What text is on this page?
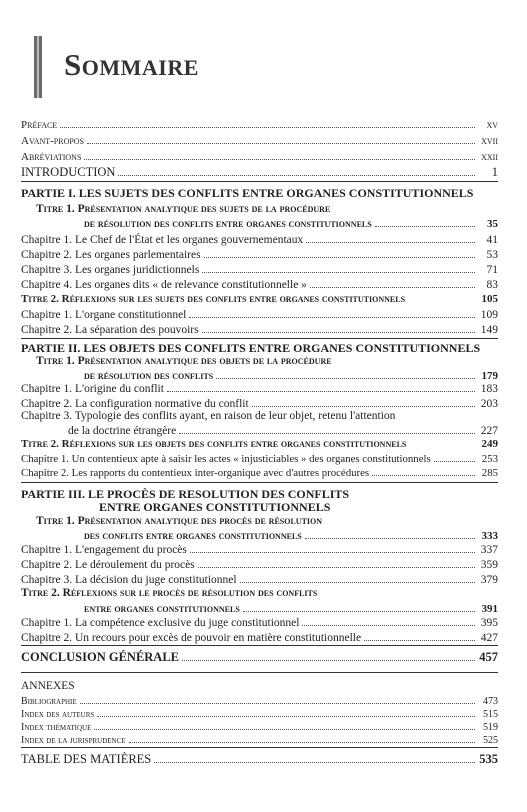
Sommaire
Préface	xv
Avant-propos	xvii
Abréviations	xxii
INTRODUCTION	1
PARTIE I. LES SUJETS DES CONFLITS ENTRE ORGANES CONSTITUTIONNELS
Titre 1. Présentation analytique des sujets de la procédure
de résolution des conflits entre organes constitutionnels	35
Chapitre 1. Le Chef de l'État et les organes gouvernementaux	41
Chapitre 2. Les organes parlementaires	53
Chapitre 3. Les organes juridictionnels	71
Chapitre 4. Les organes dits « de relevance constitutionnelle »	83
Titre 2. Réflexions sur les sujets des conflits entre organes constitutionnels	105
Chapitre 1. L'organe constitutionnel	109
Chapitre 2. La séparation des pouvoirs	149
PARTIE II. LES OBJETS DES CONFLITS ENTRE ORGANES CONSTITUTIONNELS
Titre 1. Présentation analytique des objets de la procédure
de résolution des conflits	179
Chapitre 1. L'origine du conflit	183
Chapitre 2. La configuration normative du conflit	203
Chapitre 3. Typologie des conflits ayant, en raison de leur objet, retenu l'attention
de la doctrine étrangère	227
Titre 2. Réflexions sur les objets des conflits entre organes constitutionnels	249
Chapitre 1. Un contentieux apte à saisir les actes « injusticiables » des organes constitutionnels	253
Chapitre 2. Les rapports du contentieux inter-organique avec d'autres procédures	285
PARTIE III. LE PROCÈS DE RESOLUTION DES CONFLITS
ENTRE ORGANES CONSTITUTIONNELS
Titre 1. Présentation analytique des procès de résolution
des conflits entre organes constitutionnels	333
Chapitre 1. L'engagement du procès	337
Chapitre 2. Le déroulement du procès	359
Chapitre 3. La décision du juge constitutionnel	379
Titre 2. Réflexions sur le procès de résolution des conflits
entre organes constitutionnels	391
Chapitre 1. La compétence exclusive du juge constitutionnel	395
Chapitre 2. Un recours pour excès de pouvoir en matière constitutionnelle	427
CONCLUSION GÉNÉRALE	457
ANNEXES
Bibliographie	473
Index des auteurs	515
Index thématique	519
Index de la jurisprudence	525
TABLE DES MATIÈRES	535
